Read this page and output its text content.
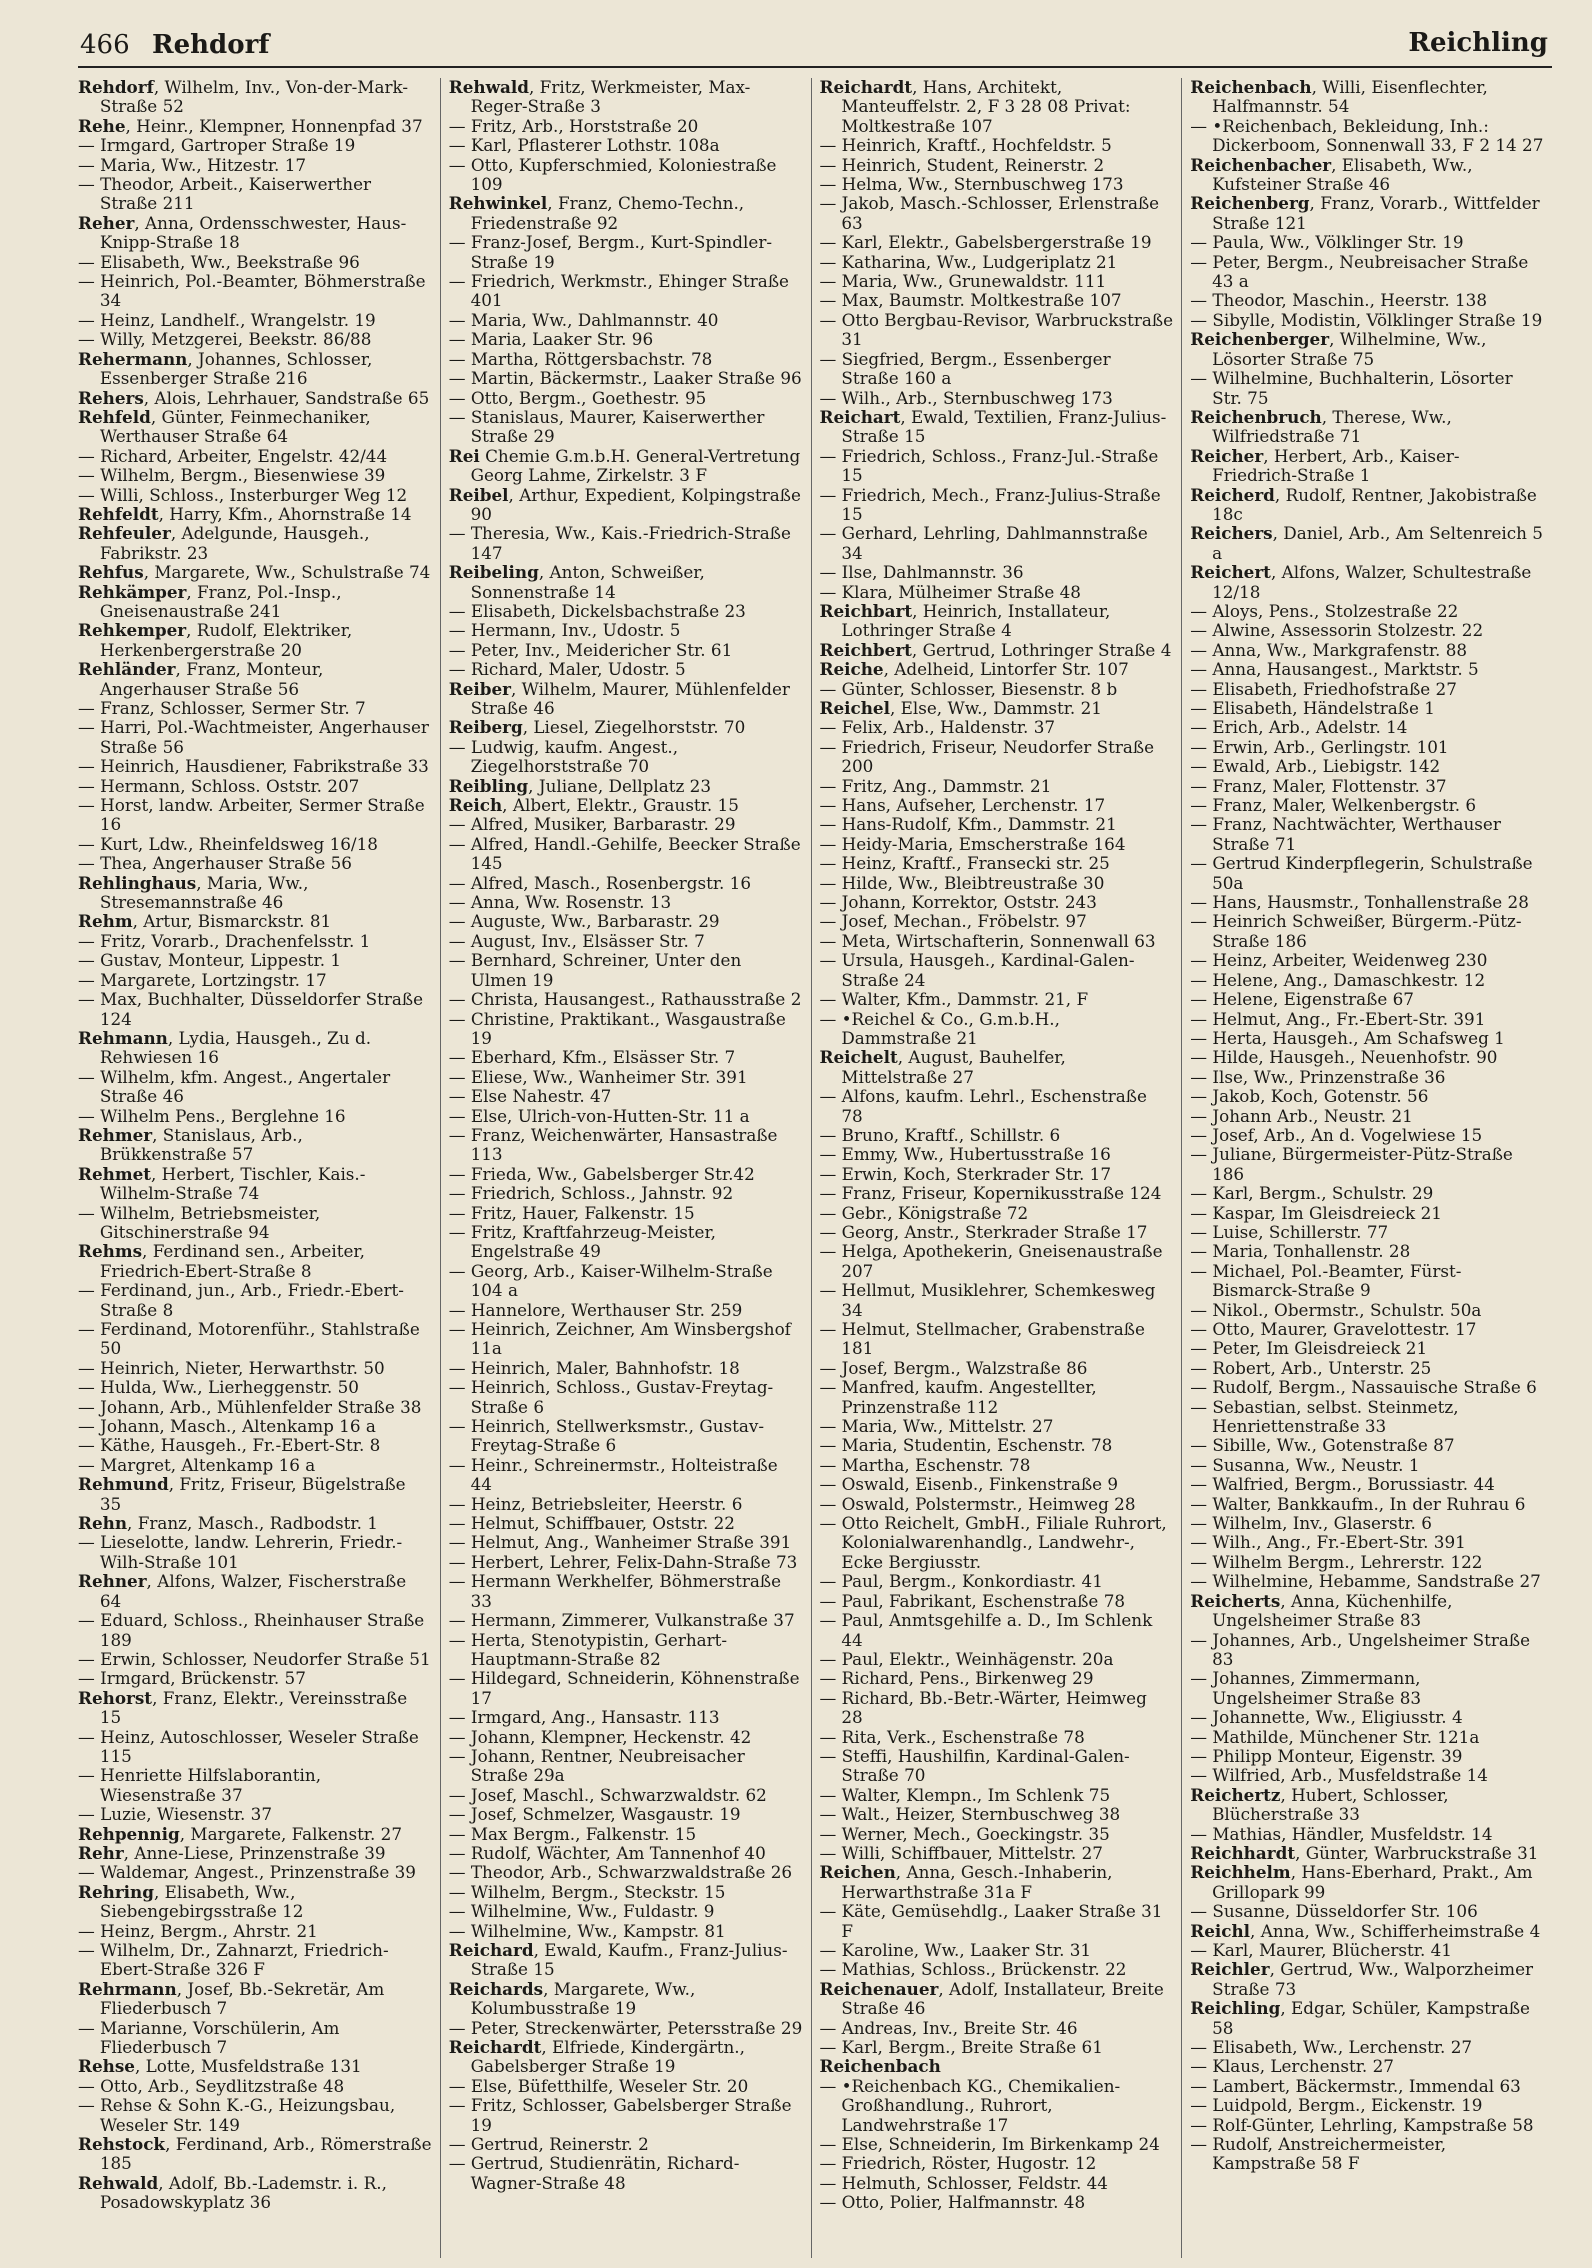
466 Rehdorf	Reichling

Rehdorf, Wilhelm, Inv., Von-der-Mark-Straße 52

Rehe, Heinr., Klempner, Honnenpfad 37

— Irmgard, Gartroper Straße 19

— Maria, Ww., Hitzestr. 17

— Theodor, Arbeit., Kaiserwerther Straße 211

Reher, Anna, Ordensschwester, Haus-Knipp-Straße 18

— Elisabeth, Ww., Beekstraße 96

— Heinrich, Pol.-Beamter, Böhmerstraße 34

— Heinz, Landhelf., Wrangelstr. 19

— Willy, Metzgerei, Beekstr. 86/88

Rehermann, Johannes, Schlosser, Essenberger Straße 216

Rehers, Alois, Lehrhauer, Sandstraße 65

Rehfeld, Günter, Feinmechaniker, Werthauser Straße 64

— Richard, Arbeiter, Engelstr. 42/44

— Wilhelm, Bergm., Biesenwiese 39

— Willi, Schloss., Insterburger Weg 12

Rehfeldt, Harry, Kfm., Ahornstraße 14

Rehfeuler, Adelgunde, Hausgeh., Fabrikstr. 23

Rehfus, Margarete, Ww., Schulstraße 74

Rehkämper, Franz, Pol.-Insp., Gneisenaustraße 241

Rehkemper, Rudolf, Elektriker, Herkenbergerstraße 20

Rehländer, Franz, Monteur, Angerhauser Straße 56

— Franz, Schlosser, Sermer Str. 7

— Harri, Pol.-Wachtmeister, Angerhauser Straße 56

— Heinrich, Hausdiener, Fabrikstraße 33

— Hermann, Schloss. Oststr. 207

— Horst, landw. Arbeiter, Sermer Straße 16

— Kurt, Ldw., Rheinfeldsweg 16/18

— Thea, Angerhauser Straße 56

Rehlinghaus, Maria, Ww., Stresemannstraße 46

Rehm, Artur, Bismarckstr. 81

— Fritz, Vorarb., Drachenfelsstr. 1

— Gustav, Monteur, Lippestr. 1

— Margarete, Lortzingstr. 17

— Max, Buchhalter, Düsseldorfer Straße 124

Rehmann, Lydia, Hausgeh., Zu d. Rehwiesen 16

— Wilhelm, kfm. Angest., Angertaler Straße 46

— Wilhelm Pens., Berglehne 16

Rehmer, Stanislaus, Arb., Brükkenstraße 57

Rehmet, Herbert, Tischler, Kais.-Wilhelm-Straße 74

— Wilhelm, Betriebsmeister, Gitschinerstraße 94

Rehms, Ferdinand sen., Arbeiter, Friedrich-Ebert-Straße 8

— Ferdinand, jun., Arb., Friedr.-Ebert-Straße 8

— Ferdinand, Motorenführ., Stahlstraße 50

— Heinrich, Nieter, Herwarthstr. 50

— Hulda, Ww., Lierheggenstr. 50

— Johann, Arb., Mühlenfelder Straße 38

— Johann, Masch., Altenkamp 16 a

— Käthe, Hausgeh., Fr.-Ebert-Str. 8

— Margret, Altenkamp 16 a

Rehmund, Fritz, Friseur, Bügelstraße 35

Rehn, Franz, Masch., Radbodstr. 1

— Lieselotte, landw. Lehrerin, Friedr.-Wilh-Straße 101

Rehner, Alfons, Walzer, Fischerstraße 64

— Eduard, Schloss., Rheinhauser Straße 189

— Erwin, Schlosser, Neudorfer Straße 51

— Irmgard, Brückenstr. 57

Rehorst, Franz, Elektr., Vereinsstraße 15

— Heinz, Autoschlosser, Weseler Straße 115

— Henriette Hilfslaborantin, Wiesenstraße 37

— Luzie, Wiesenstr. 37

Rehpennig, Margarete, Falkenstr. 27

Rehr, Anne-Liese, Prinzenstraße 39

— Waldemar, Angest., Prinzenstraße 39

Rehring, Elisabeth, Ww., Siebengebirgsstraße 12

— Heinz, Bergm., Ahrstr. 21

— Wilhelm, Dr., Zahnarzt, Friedrich-Ebert-Straße 326 F

Rehrmann, Josef, Bb.-Sekretär, Am Fliederbusch 7

— Marianne, Vorschülerin, Am Fliederbusch 7

Rehse, Lotte, Musfeldstraße 131

— Otto, Arb., Seydlitzstraße 48

— Rehse & Sohn K.-G., Heizungsbau, Weseler Str. 149

Rehstock, Ferdinand, Arb., Römerstraße 185

Rehwald, Adolf, Bb.-Lademstr. i. R., Posadowskyplatz 36

Rehwald, Fritz, Werkmeister, Max-Reger-Straße 3

— Fritz, Arb., Horststraße 20

— Karl, Pflasterer Lothstr. 108a

— Otto, Kupferschmied, Koloniestraße 109

Rehwinkel, Franz, Chemo-Techn., Friedenstraße 92

— Franz-Josef, Bergm., Kurt-Spindler-Straße 19

— Friedrich, Werkmstr., Ehinger Straße 401

— Maria, Ww., Dahlmannstr. 40

— Maria, Laaker Str. 96

— Martha, Röttgersbachstr. 78

— Martin, Bäckermstr., Laaker Straße 96

— Otto, Bergm., Goethestr. 95

— Stanislaus, Maurer, Kaiserwerther Straße 29

Rei Chemie G.m.b.H. General-Vertretung Georg Lahme, Zirkelstr. 3 F

Reibel, Arthur, Expedient, Kolpingstraße 90

— Theresia, Ww., Kais.-Friedrich-Straße 147

Reibeling, Anton, Schweißer, Sonnenstraße 14

— Elisabeth, Dickelsbachstraße 23

— Hermann, Inv., Udostr. 5

— Peter, Inv., Meidericher Str. 61

— Richard, Maler, Udostr. 5

Reiber, Wilhelm, Maurer, Mühlenfelder Straße 46

Reiberg, Liesel, Ziegelhorststr. 70

— Ludwig, kaufm. Angest., Ziegelhorststraße 70

Reibling, Juliane, Dellplatz 23

Reich, Albert, Elektr., Graustr. 15

— Alfred, Musiker, Barbarastr. 29

— Alfred, Handl.-Gehilfe, Beecker Straße 145

— Alfred, Masch., Rosenbergstr. 16

— Anna, Ww. Rosenstr. 13

— Auguste, Ww., Barbarastr. 29

— August, Inv., Elsässer Str. 7

— Bernhard, Schreiner, Unter den Ulmen 19

— Christa, Hausangest., Rathausstraße 2

— Christine, Praktikant., Wasgaustraße 19

— Eberhard, Kfm., Elsässer Str. 7

— Eliese, Ww., Wanheimer Str. 391

— Else Nahestr. 47

— Else, Ulrich-von-Hutten-Str. 11 a

— Franz, Weichenwärter, Hansastraße 113

— Frieda, Ww., Gabelsberger Str.42

— Friedrich, Schloss., Jahnstr. 92

— Fritz, Hauer, Falkenstr. 15

— Fritz, Kraftfahrzeug-Meister, Engelstraße 49

— Georg, Arb., Kaiser-Wilhelm-Straße 104 a

— Hannelore, Werthauser Str. 259

— Heinrich, Zeichner, Am Winsbergshof 11a

— Heinrich, Maler, Bahnhofstr. 18

— Heinrich, Schloss., Gustav-Freytag-Straße 6

— Heinrich, Stellwerksmstr., Gustav-Freytag-Straße 6

— Heinr., Schreinermstr., Holteistraße 44

— Heinz, Betriebsleiter, Heerstr. 6

— Helmut, Schiffbauer, Oststr. 22

— Helmut, Ang., Wanheimer Straße 391

— Herbert, Lehrer, Felix-Dahn-Straße 73

— Hermann Werkhelfer, Böhmerstraße 33

— Hermann, Zimmerer, Vulkanstraße 37

— Herta, Stenotypistin, Gerhart-Hauptmann-Straße 82

— Hildegard, Schneiderin, Köhnenstraße 17

— Irmgard, Ang., Hansastr. 113

— Johann, Klempner, Heckenstr. 42

— Johann, Rentner, Neubreisacher Straße 29a

— Josef, Maschl., Schwarzwaldstr. 62

— Josef, Schmelzer, Wasgaustr. 19

— Max Bergm., Falkenstr. 15

— Rudolf, Wächter, Am Tannenhof 40

— Theodor, Arb., Schwarzwaldstraße 26

— Wilhelm, Bergm., Steckstr. 15

— Wilhelmine, Ww., Fuldastr. 9

— Wilhelmine, Ww., Kampstr. 81

Reichard, Ewald, Kaufm., Franz-Julius-Straße 15

Reichards, Margarete, Ww., Kolumbusstraße 19

— Peter, Streckenwärter, Petersstraße 29

Reichardt, Elfriede, Kindergärtn., Gabelsberger Straße 19

— Else, Büfetthilfe, Weseler Str. 20

— Fritz, Schlosser, Gabelsberger Straße 19

— Gertrud, Reinerstr. 2

— Gertrud, Studienrätin, Richard-Wagner-Straße 48

Reichardt, Hans, Architekt, Manteuffelstr. 2, F 3 28 08 Privat: Moltkestraße 107

— Heinrich, Kraftf., Hochfeldstr. 5

— Heinrich, Student, Reinerstr. 2

— Helma, Ww., Sternbuschweg 173

— Jakob, Masch.-Schlosser, Erlenstraße 63

— Karl, Elektr., Gabelsbergerstraße 19

— Katharina, Ww., Ludgeriplatz 21

— Maria, Ww., Grunewaldstr. 111

— Max, Baumstr. Moltkestraße 107

— Otto Bergbau-Revisor, Warbruckstraße 31

— Siegfried, Bergm., Essenberger Straße 160 a

— Wilh., Arb., Sternbuschweg 173

Reichart, Ewald, Textilien, Franz-Julius-Straße 15

— Friedrich, Schloss., Franz-Jul.-Straße 15

— Friedrich, Mech., Franz-Julius-Straße 15

— Gerhard, Lehrling, Dahlmannstraße 34

— Ilse, Dahlmannstr. 36

— Klara, Mülheimer Straße 48

Reichbart, Heinrich, Installateur, Lothringer Straße 4

Reichbert, Gertrud, Lothringer Straße 4

Reiche, Adelheid, Lintorfer Str. 107

— Günter, Schlosser, Biesenstr. 8 b

Reichel, Else, Ww., Dammstr. 21

— Felix, Arb., Haldenstr. 37

— Friedrich, Friseur, Neudorfer Straße 200

— Fritz, Ang., Dammstr. 21

— Hans, Aufseher, Lerchenstr. 17

— Hans-Rudolf, Kfm., Dammstr. 21

— Heidy-Maria, Emscherstraße 164

— Heinz, Kraftf., Fransecki str. 25

— Hilde, Ww., Bleibtreustraße 30

— Johann, Korrektor, Oststr. 243

— Josef, Mechan., Fröbelstr. 97

— Meta, Wirtschafterin, Sonnenwall 63

— Ursula, Hausgeh., Kardinal-Galen-Straße 24

— Walter, Kfm., Dammstr. 21, F

— •Reichel & Co., G.m.b.H., Dammstraße 21

Reichelt, August, Bauhelfer, Mittelstraße 27

— Alfons, kaufm. Lehrl., Eschenstraße 78

— Bruno, Kraftf., Schillstr. 6

— Emmy, Ww., Hubertusstraße 16

— Erwin, Koch, Sterkrader Str. 17

— Franz, Friseur, Kopernikusstraße 124

— Gebr., Königstraße 72

— Georg, Anstr., Sterkrader Straße 17

— Helga, Apothekerin, Gneisenaustraße 207

— Hellmut, Musiklehrer, Schemkesweg 34

— Helmut, Stellmacher, Grabenstraße 181

— Josef, Bergm., Walzstraße 86

— Manfred, kaufm. Angestellter, Prinzenstraße 112

— Maria, Ww., Mittelstr. 27

— Maria, Studentin, Eschenstr. 78

— Martha, Eschenstr. 78

— Oswald, Eisenb., Finkenstraße 9

— Oswald, Polstermstr., Heimweg 28

— Otto Reichelt, GmbH., Filiale Ruhrort, Kolonialwarenhandlg., Landwehr-, Ecke Bergiusstr.

— Paul, Bergm., Konkordiastr. 41

— Paul, Fabrikant, Eschenstraße 78

— Paul, Anmtsgehilfe a. D., Im Schlenk 44

— Paul, Elektr., Weinhägenstr. 20a

— Richard, Pens., Birkenweg 29

— Richard, Bb.-Betr.-Wärter, Heimweg 28

— Rita, Verk., Eschenstraße 78

— Steffi, Haushilfin, Kardinal-Galen-Straße 70

— Walter, Klempn., Im Schlenk 75

— Walt., Heizer, Sternbuschweg 38

— Werner, Mech., Goeckingstr. 35

— Willi, Schiffbauer, Mittelstr. 27

Reichen, Anna, Gesch.-Inhaberin, Herwarthstraße 31a F

— Käte, Gemüsehdlg., Laaker Straße 31 F

— Karoline, Ww., Laaker Str. 31

— Mathias, Schloss., Brückenstr. 22

Reichenauer, Adolf, Installateur, Breite Straße 46

— Andreas, Inv., Breite Str. 46

— Karl, Bergm., Breite Straße 61

Reichenbach

— •Reichenbach KG., Chemikalien-Großhandlung., Ruhrort, Landwehrstraße 17

— Else, Schneiderin, Im Birkenkamp 24

— Friedrich, Röster, Hugostr. 12

— Helmuth, Schlosser, Feldstr. 44

— Otto, Polier, Halfmannstr. 48

Reichenbach, Willi, Eisenflechter, Halfmannstr. 54

— •Reichenbach, Bekleidung, Inh.: Dickerboom, Sonnenwall 33, F 2 14 27

Reichenbacher, Elisabeth, Ww., Kufsteiner Straße 46

Reichenberg, Franz, Vorarb., Wittfelder Straße 121

— Paula, Ww., Völklinger Str. 19

— Peter, Bergm., Neubreisacher Straße 43 a

— Theodor, Maschin., Heerstr. 138

— Sibylle, Modistin, Völklinger Straße 19

Reichenberger, Wilhelmine, Ww., Lösorter Straße 75

— Wilhelmine, Buchhalterin, Lösorter Str. 75

Reichenbruch, Therese, Ww., Wilfriedstraße 71

Reicher, Herbert, Arb., Kaiser-Friedrich-Straße 1

Reicherd, Rudolf, Rentner, Jakobistraße 18c

Reichers, Daniel, Arb., Am Seltenreich 5 a

Reichert, Alfons, Walzer, Schultestraße 12/18

— Aloys, Pens., Stolzestraße 22

— Alwine, Assessorin Stolzestr. 22

— Anna, Ww., Markgrafenstr. 88

— Anna, Hausangest., Marktstr. 5

— Elisabeth, Friedhofstraße 27

— Elisabeth, Händelstraße 1

— Erich, Arb., Adelstr. 14

— Erwin, Arb., Gerlingstr. 101

— Ewald, Arb., Liebigstr. 142

— Franz, Maler, Flottenstr. 37

— Franz, Maler, Welkenbergstr. 6

— Franz, Nachtwächter, Werthauser Straße 71

— Gertrud Kinderpflegerin, Schulstraße 50a

— Hans, Hausmstr., Tonhallenstraße 28

— Heinrich Schweißer, Bürgerm.-Pütz-Straße 186

— Heinz, Arbeiter, Weidenweg 230

— Helene, Ang., Damaschkestr. 12

— Helene, Eigenstraße 67

— Helmut, Ang., Fr.-Ebert-Str. 391

— Herta, Hausgeh., Am Schafsweg 1

— Hilde, Hausgeh., Neuenhofstr. 90

— Ilse, Ww., Prinzenstraße 36

— Jakob, Koch, Gotenstr. 56

— Johann Arb., Neustr. 21

— Josef, Arb., An d. Vogelwiese 15

— Juliane, Bürgermeister-Pütz-Straße 186

— Karl, Bergm., Schulstr. 29

— Kaspar, Im Gleisdreieck 21

— Luise, Schillerstr. 77

— Maria, Tonhallenstr. 28

— Michael, Pol.-Beamter, Fürst-Bismarck-Straße 9

— Nikol., Obermstr., Schulstr. 50a

— Otto, Maurer, Gravelottestr. 17

— Peter, Im Gleisdreieck 21

— Robert, Arb., Unterstr. 25

— Rudolf, Bergm., Nassauische Straße 6

— Sebastian, selbst. Steinmetz, Henriettenstraße 33

— Sibille, Ww., Gotenstraße 87

— Susanna, Ww., Neustr. 1

— Walfried, Bergm., Borussiastr. 44

— Walter, Bankkaufm., In der Ruhrau 6

— Wilhelm, Inv., Glaserstr. 6

— Wilh., Ang., Fr.-Ebert-Str. 391

— Wilhelm Bergm., Lehrerstr. 122

— Wilhelmine, Hebamme, Sandstraße 27

Reicherts, Anna, Küchenhilfe, Ungelsheimer Straße 83

— Johannes, Arb., Ungelsheimer Straße 83

— Johannes, Zimmermann, Ungelsheimer Straße 83

— Johannette, Ww., Eligiusstr. 4

— Mathilde, Münchener Str. 121a

— Philipp Monteur, Eigenstr. 39

— Wilfried, Arb., Musfeldstraße 14

Reichertz, Hubert, Schlosser, Blücherstraße 33

— Mathias, Händler, Musfeldstr. 14

Reichhardt, Günter, Warbruckstraße 31

Reichhelm, Hans-Eberhard, Prakt., Am Grillopark 99

— Susanne, Düsseldorfer Str. 106

Reichl, Anna, Ww., Schifferheimstraße 4

— Karl, Maurer, Blücherstr. 41

Reichler, Gertrud, Ww., Walporzheimer Straße 73

Reichling, Edgar, Schüler, Kampstraße 58

— Elisabeth, Ww., Lerchenstr. 27

— Klaus, Lerchenstr. 27

— Lambert, Bäckermstr., Immendal 63

— Luidpold, Bergm., Eickenstr. 19

— Rolf-Günter, Lehrling, Kampstraße 58

— Rudolf, Anstreichermeister, Kampstraße 58 F
